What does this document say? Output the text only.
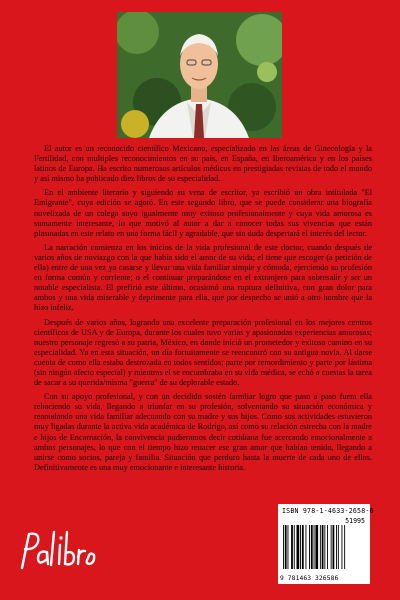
El autor es un reconocido científico Mexicano, especializado en las áreas de Ginecología y la Fertilidad, con multiples reconocimientos en su país, en España, en Iberoamérica y en los países latinos de Europa. Ha escrito numerosos artículos médicos en prestigiadas revistas de todo el mundo y así mismo ha publicado diez libros de su especialidad.

En el ambiente literario y siguiendo su vena de escritor, ya escribió un obra intitulada "El Emigrante", cuya edición se agotó. En este segundo libro, que se puede considerar una biografía novelizada de un colega suyo igualmente muy exitoso profesionalmente y cuya vida amorosa es sumamente interesante, lo que motivó al autor a dar a conocer todas sus vivencias que están plasmadas en este relato en una forma fácil y agradable, que sin duda despertará el interés del lector.

La narración comienza en los inicios de la vida profesional de este doctor, cuando después de varios años de noviazgo con la que había sido el amor de su vida; el tiene que escoger (a petición de ella) entre de una vez ya casarse y llevar una vida familiar simple y cómoda, ejerciendo su profesión en forma común y corriente; o el continuar preparándose en el extranjero para sobresalir y ser un notable especialista. El prefirió este último, ocasionó una ruptura definitiva, con gran dolor para ambos y una vida miserable y deprimente para ella, que por despecho se unió a otro hombre que la hizo infeliz.

Después de varios años, logrando una excelente preparación profesional en los mejores centros científicos de USA y de Europa, durante los cuales tuvo varias y apasionadas experiencias amorosas; nuestro personaje regresó a su patria, México, en donde inició un prometedor y exitoso camino en su especialidad. Ya en esta situación, un día fortuitamente se reencontró con su antigua novia. Al darse cuenta de como ella estaba destrozada en todos sentidos; parte por remordimiento y parte por lástima (sin ningún afecto especial) y mientras el se encumbraba en su vida médica, se echó a cuestas la tarea de sacar a su querida/misma "guerra" de su deplorable estado.

Con su apoyo profesional, y con un decidido sostén familiar logro que paso a paso fuera ella rehaciendo su vida, llegando a triunfar en su profesión, solventando su situación económica y reanudando una vida familiar adecuando con su madre y sus hijos. Como sus actividades estuvieron muy ligadas durante la activa vida académica de Rodrigo, así como su relación estrecha con la madre e hijos de Encarnación, la convivencia pudieramos decir cotidiana fue acercando emocionalmente a ambos personajes, lo que con el tiempo hizo renacer ese gran amor que habían tenido, llegando a unirse como socios, pareja y familia. Situación que perduro hasta la muerte de cada uno de ellos. Definitivamente es una muy emocionante e interesante historia.

ISBN 978-1-4633-2658-6
51995
9 781463 326586
